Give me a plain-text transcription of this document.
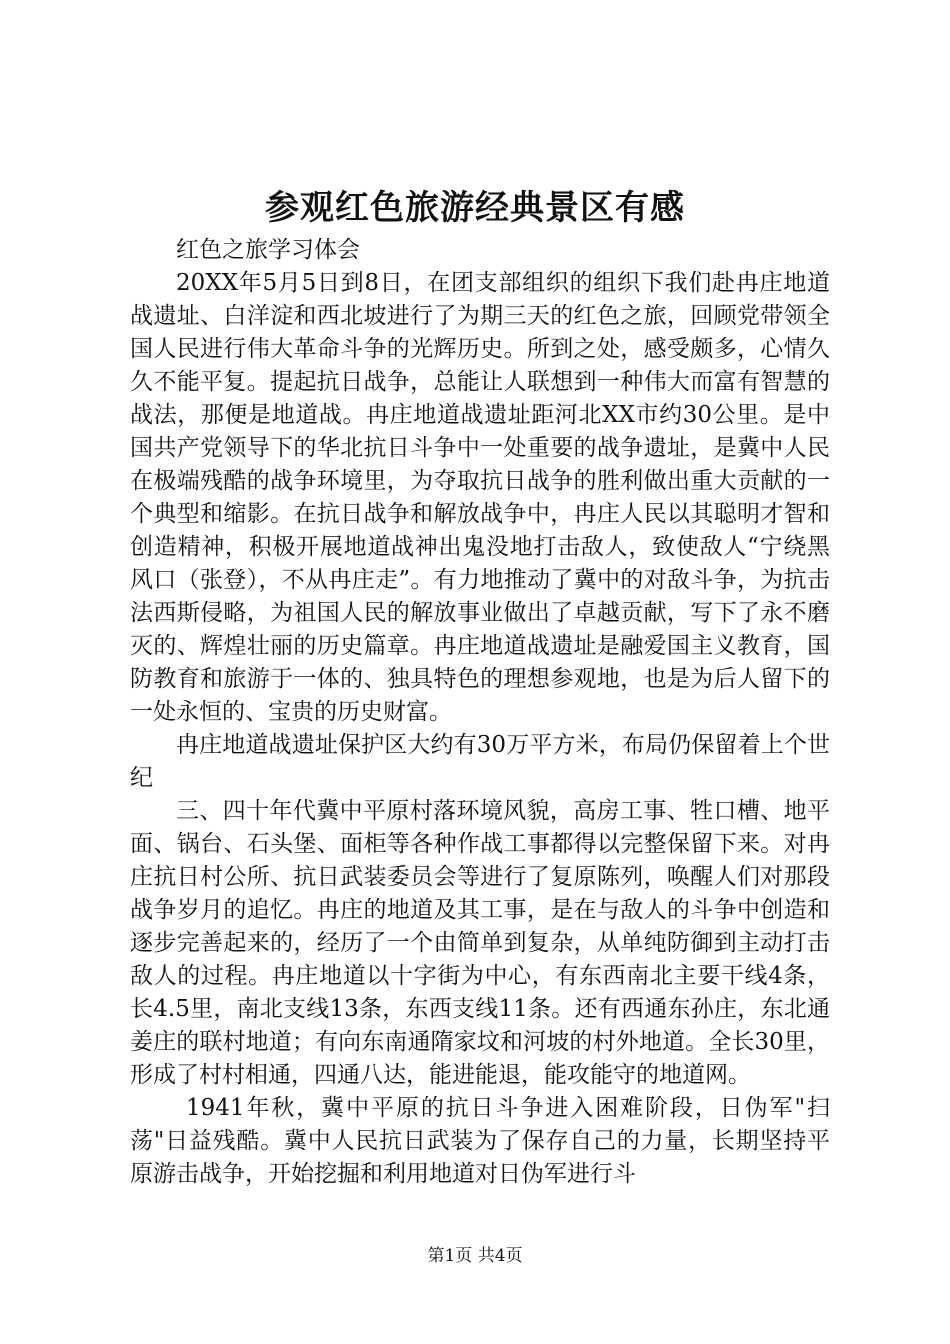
参观红色旅游经典景区有感

红色之旅学习体会

20XX年5月5日到8日，在团支部组织的组织下我们赴冉庄地道战遗址、白洋淀和西北坡进行了为期三天的红色之旅，回顾党带领全国人民进行伟大革命斗争的光辉历史。所到之处，感受颇多，心情久久不能平复。提起抗日战争，总能让人联想到一种伟大而富有智慧的战法，那便是地道战。冉庄地道战遗址距河北XX市约30公里。是中国共产党领导下的华北抗日斗争中一处重要的战争遗址，是冀中人民在极端残酷的战争环境里，为夺取抗日战争的胜利做出重大贡献的一个典型和缩影。在抗日战争和解放战争中，冉庄人民以其聪明才智和创造精神，积极开展地道战神出鬼没地打击敌人，致使敌人“宁绕黑风口（张登），不从冉庄走”。有力地推动了冀中的对敌斗争，为抗击法西斯侵略，为祖国人民的解放事业做出了卓越贡献，写下了永不磨灭的、辉煌壮丽的历史篇章。冉庄地道战遗址是融爱国主义教育，国防教育和旅游于一体的、独具特色的理想参观地，也是为后人留下的一处永恒的、宝贵的历史财富。

冉庄地道战遗址保护区大约有30万平方米，布局仍保留着上个世纪

三、四十年代冀中平原村落环境风貌，高房工事、牲口槽、地平面、锅台、石头堡、面柜等各种作战工事都得以完整保留下来。对冉庄抗日村公所、抗日武装委员会等进行了复原陈列，唤醒人们对那段战争岁月的追忆。冉庄的地道及其工事，是在与敌人的斗争中创造和逐步完善起来的，经历了一个由简单到复杂，从单纯防御到主动打击敌人的过程。冉庄地道以十字街为中心，有东西南北主要干线4条，长4.5里，南北支线13条，东西支线11条。还有西通东孙庄，东北通姜庄的联村地道；有向东南通隋家坟和河坡的村外地道。全长30里，形成了村村相通，四通八达，能进能退，能攻能守的地道网。

1941年秋，冀中平原的抗日斗争进入困难阶段，日伪军"扫荡"日益残酷。冀中人民抗日武装为了保存自己的力量，长期坚持平原游击战争，开始挖掘和利用地道对日伪军进行斗

第1页 共4页
